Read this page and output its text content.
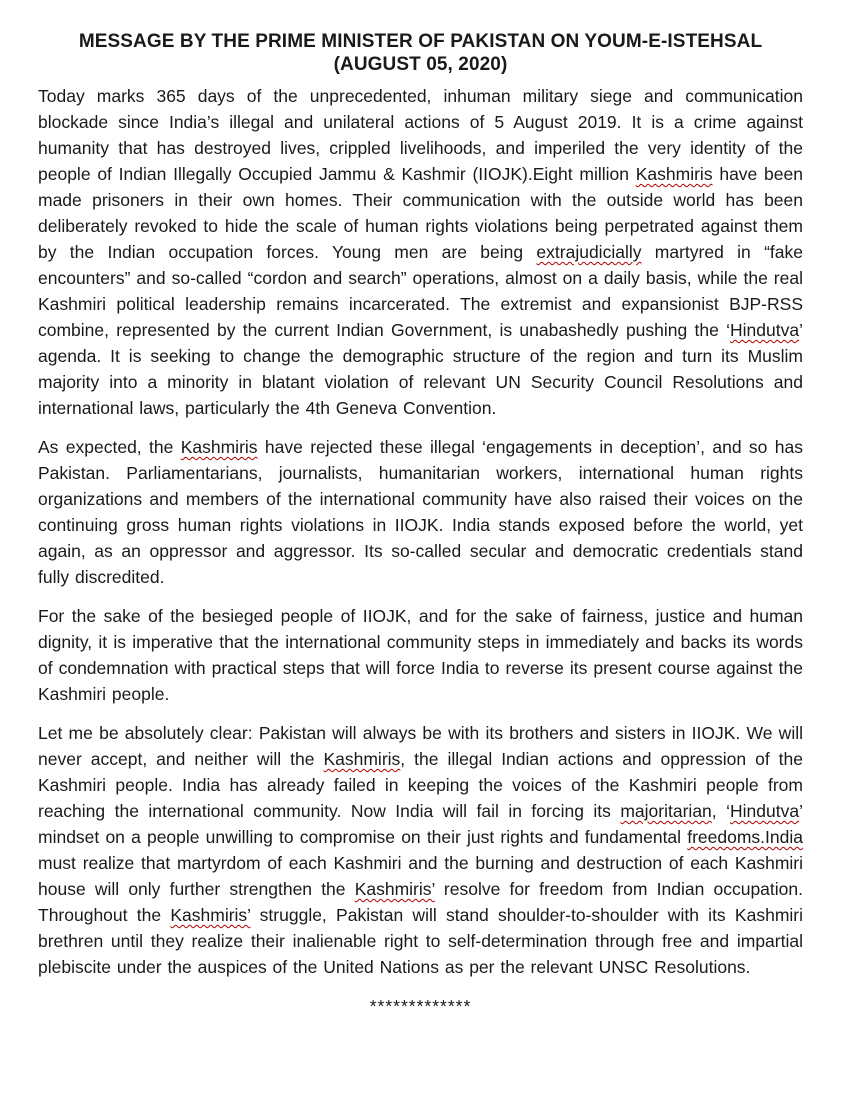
MESSAGE BY THE PRIME MINISTER OF PAKISTAN ON YOUM-E-ISTEHSAL
(AUGUST 05, 2020)

Today marks 365 days of the unprecedented, inhuman military siege and communication blockade since India’s illegal and unilateral actions of 5 August 2019. It is a crime against humanity that has destroyed lives, crippled livelihoods, and imperiled the very identity of the people of Indian Illegally Occupied Jammu & Kashmir (IIOJK).Eight million Kashmiris have been made prisoners in their own homes. Their communication with the outside world has been deliberately revoked to hide the scale of human rights violations being perpetrated against them by the Indian occupation forces. Young men are being extrajudicially martyred in “fake encounters” and so-called “cordon and search” operations, almost on a daily basis, while the real Kashmiri political leadership remains incarcerated. The extremist and expansionist BJP-RSS combine, represented by the current Indian Government, is unabashedly pushing the ‘Hindutva’ agenda. It is seeking to change the demographic structure of the region and turn its Muslim majority into a minority in blatant violation of relevant UN Security Council Resolutions and international laws, particularly the 4th Geneva Convention.

As expected, the Kashmiris have rejected these illegal ‘engagements in deception’, and so has Pakistan. Parliamentarians, journalists, humanitarian workers, international human rights organizations and members of the international community have also raised their voices on the continuing gross human rights violations in IIOJK. India stands exposed before the world, yet again, as an oppressor and aggressor. Its so-called secular and democratic credentials stand fully discredited.

For the sake of the besieged people of IIOJK, and for the sake of fairness, justice and human dignity, it is imperative that the international community steps in immediately and backs its words of condemnation with practical steps that will force India to reverse its present course against the Kashmiri people.

Let me be absolutely clear: Pakistan will always be with its brothers and sisters in IIOJK. We will never accept, and neither will the Kashmiris, the illegal Indian actions and oppression of the Kashmiri people. India has already failed in keeping the voices of the Kashmiri people from reaching the international community. Now India will fail in forcing its majoritarian, ‘Hindutva’ mindset on a people unwilling to compromise on their just rights and fundamental freedoms.India must realize that martyrdom of each Kashmiri and the burning and destruction of each Kashmiri house will only further strengthen the Kashmiris’ resolve for freedom from Indian occupation. Throughout the Kashmiris’ struggle, Pakistan will stand shoulder-to-shoulder with its Kashmiri brethren until they realize their inalienable right to self-determination through free and impartial plebiscite under the auspices of the United Nations as per the relevant UNSC Resolutions.

*************
